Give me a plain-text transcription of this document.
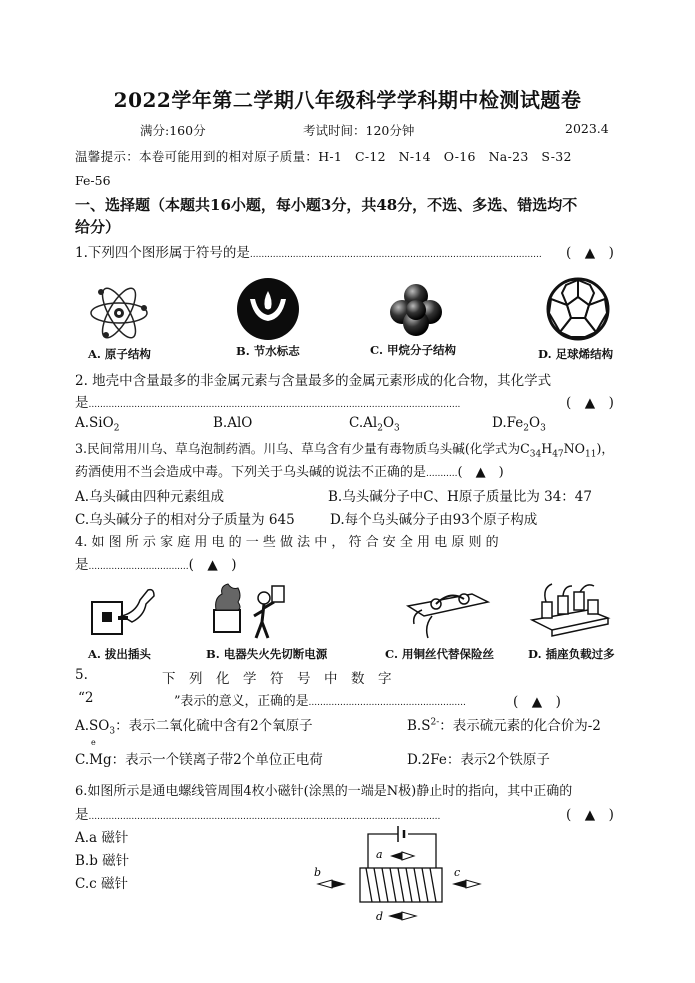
2022学年第二学期八年级科学学科期中检测试题卷
满分:160分	考试时间：120分钟	2023.4
温馨提示：本卷可能用到的相对原子质量：H-1　C-12　N-14　O-16　Na-23　S-32
Fe-56
一、选择题（本题共16小题，每小题3分，共48分，不选、多选、错选均不
给分）
1.下列四个图形属于符号的是...................................................................................................... (　▲　)
A. 原子结构	B. 节水标志	C. 甲烷分子结构	D. 足球烯结构
2. 地壳中含量最多的非金属元素与含量最多的金属元素形成的化合物，其化学式
是..................................................................................................................................	(　▲　)
A.SiO$_2$	B.AlO	$C.Al_2O_3$	$D.Fe_2O_3$
3.民间常用川乌、草乌泡制药酒。川乌、草乌含有少量有毒物质乌头碱(化学式为$C_{34}H_{47}NO_{11}$)，
药酒使用不当会造成中毒。下列关于乌头碱的说法不正确的是...........(　▲　)
A.乌头碱由四种元素组成	B.乌头碱分子中C、H原子质量比为 34：47
C.乌头碱分子的相对分子质量为 645	D.每个乌头碱分子由93个原子构成
4. 如 图 所 示 家 庭 用 电 的 一 些 做 法 中 ， 符 合 安 全 用 电 原 则 的
是...................................(　▲　)
A. 拔出插头	B. 电器失火先切断电源	C. 用铜丝代替保险丝	D. 插座负载过多
5.	下　列　化　学　符　号　中　数　字
“2	”表示的意义，正确的是.......................................................	(　▲　)
$A.SO_3$：表示二氧化硫中含有2个氧原子	$B.S^{2-}$：表示硫元素的化合价为-2
e
C.Mg：表示一个镁离子带2个单位正电荷	D.2Fe：表示2个铁原子
6.如图所示是通电螺线管周围4枚小磁针(涂黑的一端是N极)静止时的指向，其中正确的
是...........................................................................................................................	(　▲　)
A.a 磁针
B.b 磁针
C.c 磁针
a
b	c
d
